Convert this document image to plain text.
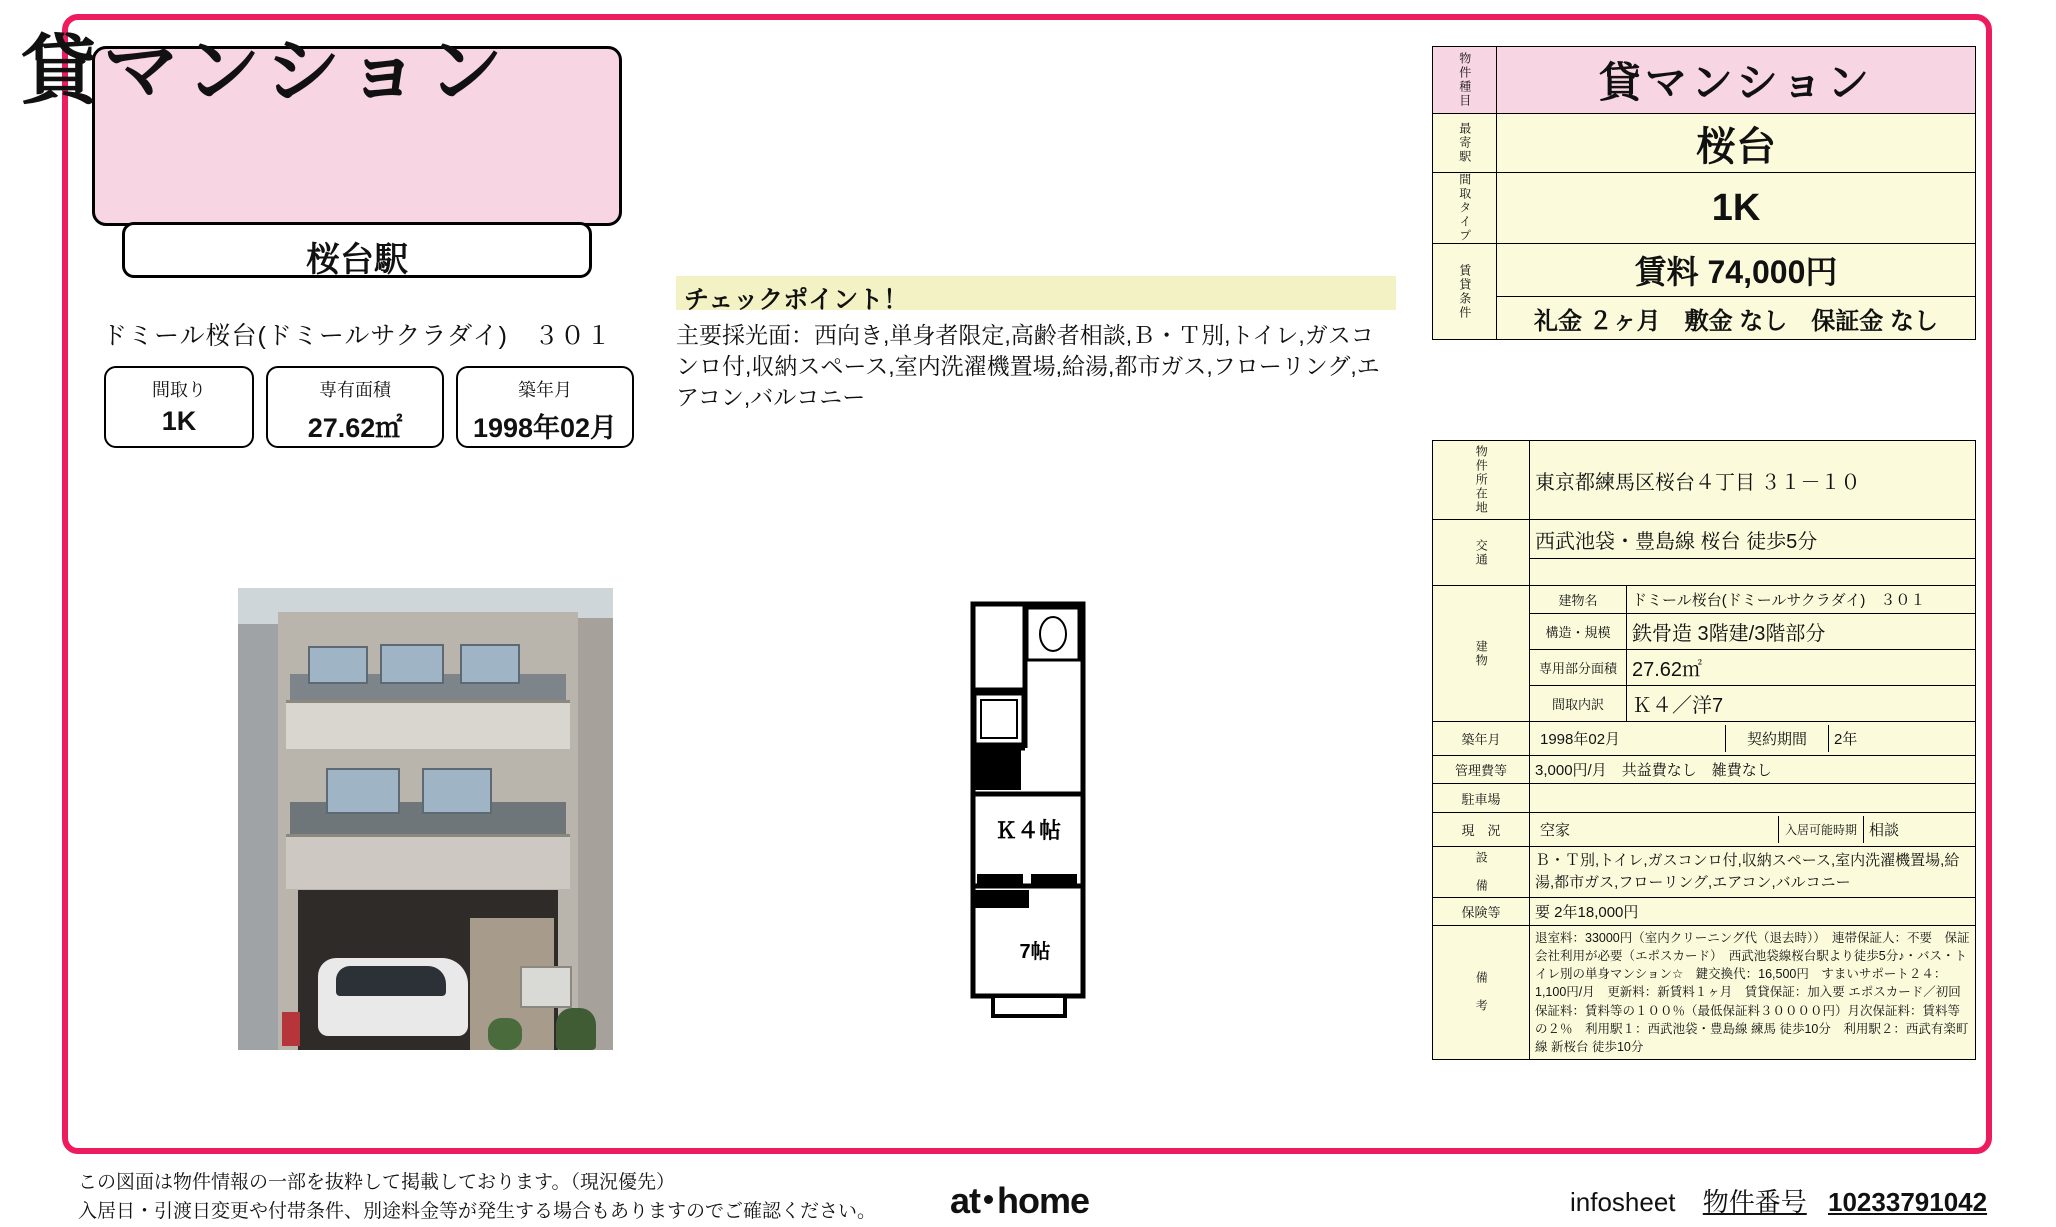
貸マンション
桜台駅
ドミール桜台(ドミールサクラダイ)　３０１
間取り
1K
専有面積
27.62㎡
築年月
1998年02月
チェックポイント！
主要採光面：西向き,単身者限定,高齢者相談,Ｂ・Ｔ別,トイレ,ガスコンロ付,収納スペース,室内洗濯機置場,給湯,都市ガス,フローリング,エアコン,バルコニー
Ｋ４帖
7帖
物件種目	貸マンション
最寄駅	桜台
間取タイプ	1K
賃貸条件	賃料 74,000円
	礼金 ２ヶ月　敷金 なし　保証金 なし
物件所在地	東京都練馬区桜台４丁目 ３１－１０
交通	西武池袋・豊島線 桜台 徒歩5分

建物	建物名	ドミール桜台(ドミールサクラダイ)　３０１
構造・規模	鉄骨造 3階建/3階部分
専用部分面積	27.62㎡
間取内訳	Ｋ４／洋7
築年月		1998年02月	契約期間	2年

管理費等	3,000円/月　共益費なし　雑費なし
駐車場	
現　況		空家	入居可能時期	相談

設　備	Ｂ・Ｔ別,トイレ,ガスコンロ付,収納スペース,室内洗濯機置場,給湯,都市ガス,フローリング,エアコン,バルコニー
保険等	要 2年18,000円
備　考	退室料：33000円（室内クリーニング代（退去時））　連帯保証人：不要　保証会社利用が必要（エポスカード）　西武池袋線桜台駅より徒歩5分♪・バス・トイレ別の単身マンション☆　鍵交換代：16,500円　すまいサポート２４：1,100円/月　更新料：新賃料１ヶ月　賃貸保証：加入要 エポスカード／初回保証料：賃料等の１００％（最低保証料３００００円）月次保証料：賃料等の２％　利用駅１：西武池袋・豊島線 練馬 徒歩10分　利用駅２：西武有楽町線 新桜台 徒歩10分
この図面は物件情報の一部を抜粋して掲載しております。（現況優先）
入居日・引渡日変更や付帯条件、別途料金等が発生する場合もありますのでご確認ください。 at home	infosheet 物件番号 10233791042
